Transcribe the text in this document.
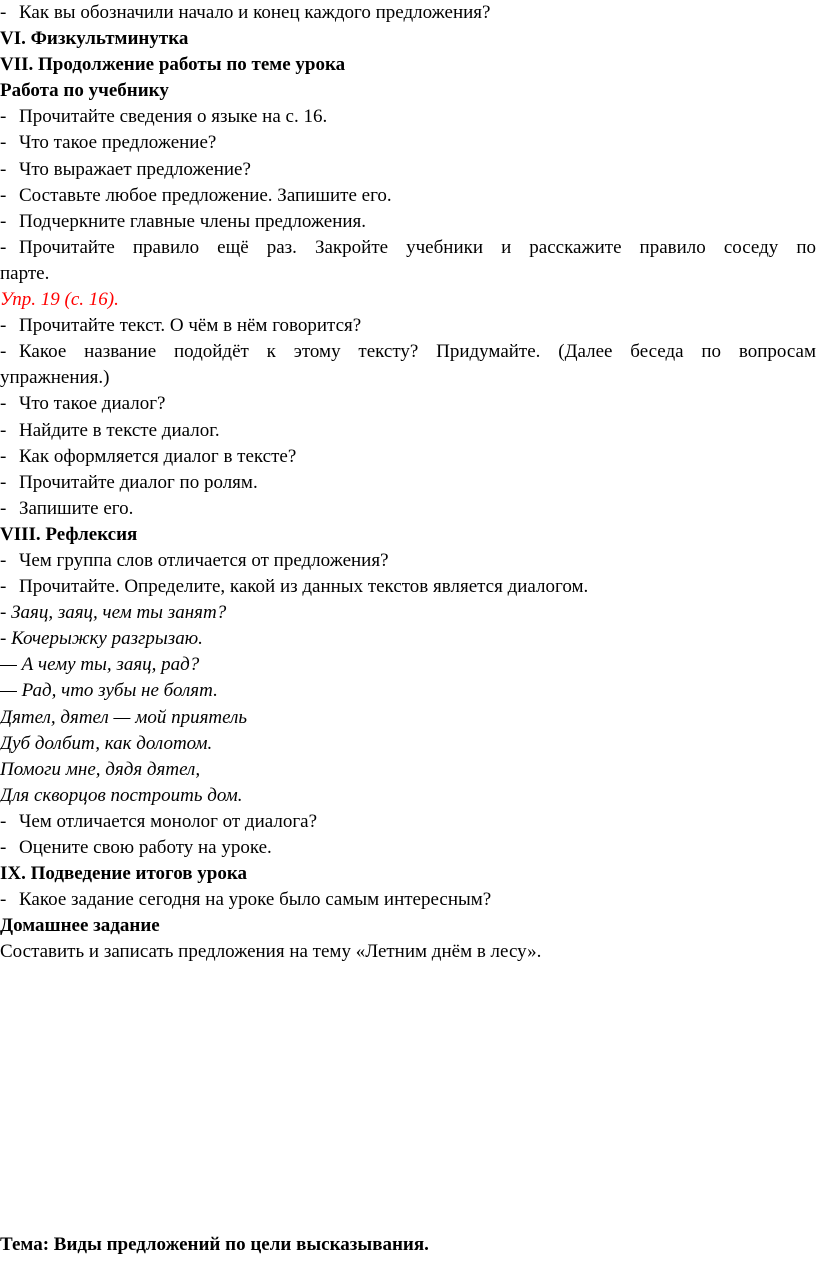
- Как вы обозначили начало и конец каждого предложения?
VI. Физкультминутка
VII. Продолжение работы по теме урока
Работа по учебнику
- Прочитайте сведения о языке на с. 16.
- Что такое предложение?
- Что выражает предложение?
- Составьте любое предложение. Запишите его.
- Подчеркните главные члены предложения.
- Прочитайте правило ещё раз. Закройте учебники и расскажите правило соседу по
парте.
Упр. 19 (с. 16).
- Прочитайте текст. О чём в нём говорится?
- Какое название подойдёт к этому тексту? Придумайте. (Далее беседа по вопросам
упражнения.)
- Что такое диалог?
- Найдите в тексте диалог.
- Как оформляется диалог в тексте?
- Прочитайте диалог по ролям.
- Запишите его.
VIII. Рефлексия
- Чем группа слов отличается от предложения?
- Прочитайте. Определите, какой из данных текстов является диалогом.
- Заяц, заяц, чем ты занят?
- Кочерыжку разгрызаю.
— А чему ты, заяц, рад?
— Рад, что зубы не болят.
Дятел, дятел — мой приятель
Дуб долбит, как долотом.
Помоги мне, дядя дятел,
Для скворцов построить дом.
- Чем отличается монолог от диалога?
- Оцените свою работу на уроке.
IX. Подведение итогов урока
- Какое задание сегодня на уроке было самым интересным?
Домашнее задание
Составить и записать предложения на тему «Летним днём в лесу».
Тема: Виды предложений по цели высказывания.
